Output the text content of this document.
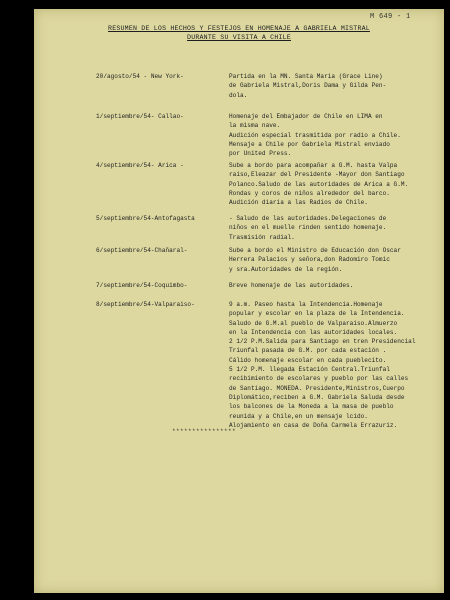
M 649 - 1
RESUMEN DE LOS HECHOS Y FESTEJOS EN HOMENAJE A GABRIELA MISTRAL
DURANTE SU VISITA A CHILE
20/agosto/54 - New York-	Partida en la MN. Santa Maria (Grace Line)
de Gabriela Mistral,Doris Dama y Gilda Pen-
dola.
1/septiembre/54- Callao-	Homenaje del Embajador de Chile en LIMA en
la misma nave.
Audición especial trasmitida por radio a Chile.
Mensaje a Chile por Gabriela Mistral enviado
por United Press.
4/septiembre/54- Arica -	Sube a bordo para acompañar a G.M. hasta Valpa
raiso,Eleazar del Presidente -Mayor don Santiago
Polanco.Saludo de las autoridades de Arica a G.M.
Rondas y coros de niños alrededor del barco.
Audición diaria a las Radios de Chile.
5/septiembre/54-Antofagasta	- Saludo de las autoridades.Delegaciones de
niños en el muelle rinden sentido homenaje.
Trasmisión radial.
6/septiembre/54-Chañaral-	Sube a bordo el Ministro de Educación don Oscar
Herrera Palacios y señora,don Radomiro Tomic
y sra.Autoridades de la región.
7/septiembre/54-Coquimbo-	Breve homenaje de las autoridades.
8/septiembre/54-Valparaiso-	9 a.m. Paseo hasta la Intendencia.Homenaje
popular y escolar en la plaza de la Intendencia.
Saludo de G.M.al pueblo de Valparaiso.Almuerzo
en la Intendencia con las autoridades locales.
2 1/2 P.M.Salida para Santiago en tren Presidencial
Triunfal pasada de G.M. por cada estación .
Cálido homenaje escolar en cada pueblecito.
5 1/2 P.M. llegada Estación Central.Triunfal
recibimiento de escolares y pueblo por las calles
de Santiago. MONEDA. Presidente,Ministros,Cuerpo
Diplomático,reciben a G.M. Gabriela Saluda desde
los balcones de la Moneda a la masa de pueblo
reunida y a Chile,en un mensaje lcído.
Alojamiento en casa de Doña Carmela Errazuriz.
****************
